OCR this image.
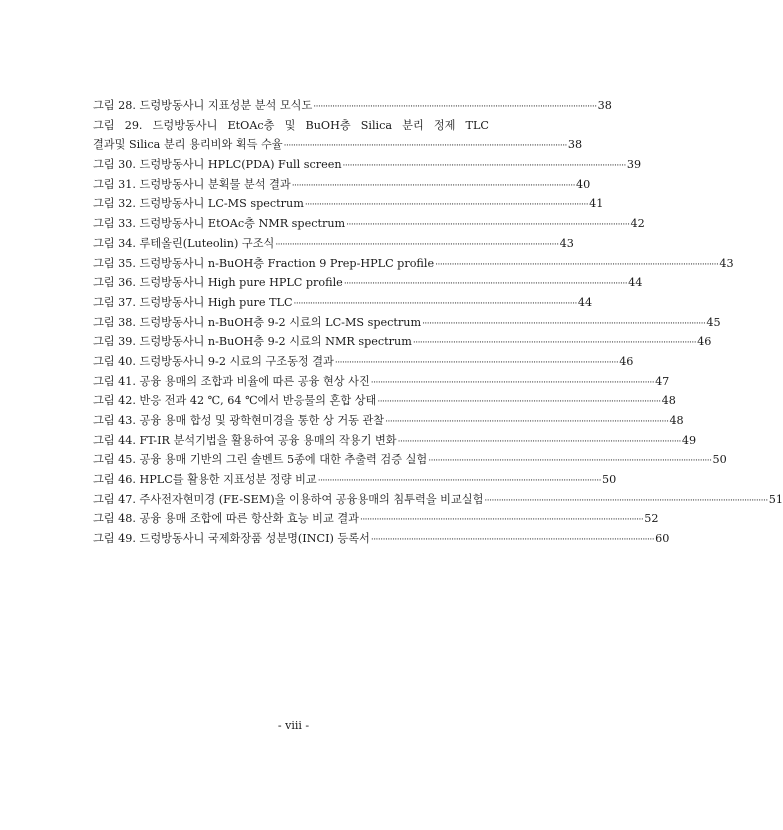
그림 28. 드렁방동사니 지표성분 분석 모식도 ························································································································ 38
그림 29. 드렁방동사니 EtOAc층 및 BuOH층 Silica 분리 정제 TLC
결과및 Silica 분리 용리비와 획득 수율 ························································································································ 38
그림 30. 드렁방동사니 HPLC(PDA) Full screen ························································································································ 39
그림 31. 드렁방동사니 분획물 분석 결과 ························································································································ 40
그림 32. 드렁방동사니 LC-MS spectrum ························································································································ 41
그림 33. 드렁방동사니 EtOAc층 NMR spectrum ························································································································ 42
그림 34. 루테올린(Luteolin) 구조식 ························································································································ 43
그림 35. 드렁방동사니 n-BuOH층 Fraction 9 Prep-HPLC profile ························································································································ 43
그림 36. 드렁방동사니 High pure HPLC profile ························································································································ 44
그림 37. 드렁방동사니 High pure TLC ························································································································ 44
그림 38. 드렁방동사니 n-BuOH층 9-2 시료의 LC-MS spectrum ························································································································ 45
그림 39. 드렁방동사니 n-BuOH층 9-2 시료의 NMR spectrum ························································································································ 46
그림 40. 드렁방동사니 9-2 시료의 구조동정 결과 ························································································································ 46
그림 41. 공융 용매의 조합과 비율에 따른 공융 현상 사진 ························································································································ 47
그림 42. 반응 전과 42 ℃, 64 ℃에서 반응물의 혼합 상태 ························································································································ 48
그림 43. 공융 용매 합성 및 광학현미경을 통한 상 거동 관찰 ························································································································ 48
그림 44. FT-IR 분석기법을 활용하여 공융 용매의 작용기 변화 ························································································································ 49
그림 45. 공융 용매 기반의 그린 솔벤트 5종에 대한 추출력 검증 실험 ························································································································ 50
그림 46. HPLC를 활용한 지표성분 정량 비교 ························································································································ 50
그림 47. 주사전자현미경 (FE-SEM)을 이용하여 공융용매의 침투력을 비교실험 ························································································································ 51
그림 48. 공융 용매 조합에 따른 항산화 효능 비교 결과 ························································································································ 52
그림 49. 드렁방동사니 국제화장품 성분명(INCI) 등록서 ························································································································ 60
- viii -
